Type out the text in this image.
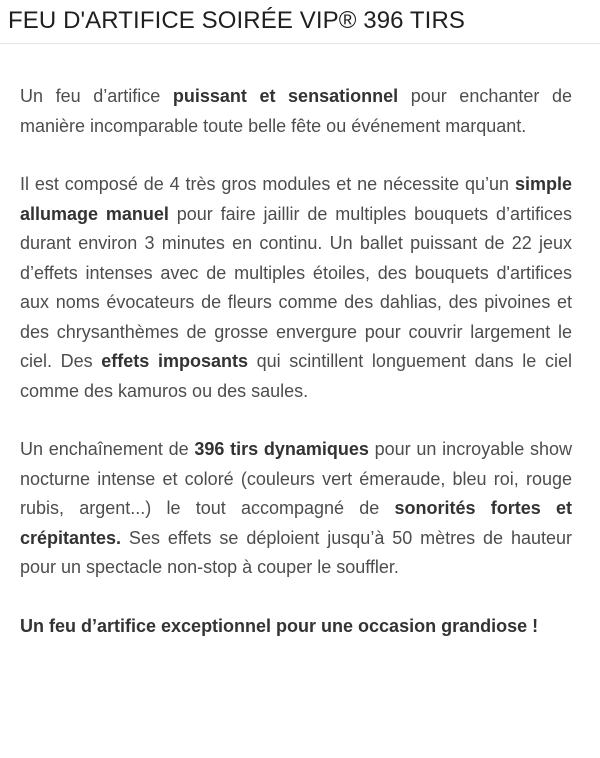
FEU D'ARTIFICE SOIRÉE VIP® 396 TIRS

Un feu d’artifice puissant et sensationnel pour enchanter de manière incomparable toute belle fête ou événement marquant.

Il est composé de 4 très gros modules et ne nécessite qu’un simple allumage manuel pour faire jaillir de multiples bouquets d’artifices durant environ 3 minutes en continu. Un ballet puissant de 22 jeux d’effets intenses avec de multiples étoiles, des bouquets d'artifices aux noms évocateurs de fleurs comme des dahlias, des pivoines et des chrysanthèmes de grosse envergure pour couvrir largement le ciel. Des effets imposants qui scintillent longuement dans le ciel comme des kamuros ou des saules.

Un enchaînement de 396 tirs dynamiques pour un incroyable show nocturne intense et coloré (couleurs vert émeraude, bleu roi, rouge rubis, argent...) le tout accompagné de sonorités fortes et crépitantes. Ses effets se déploient jusqu’à 50 mètres de hauteur pour un spectacle non-stop à couper le souffler.

Un feu d’artifice exceptionnel pour une occasion grandiose !
